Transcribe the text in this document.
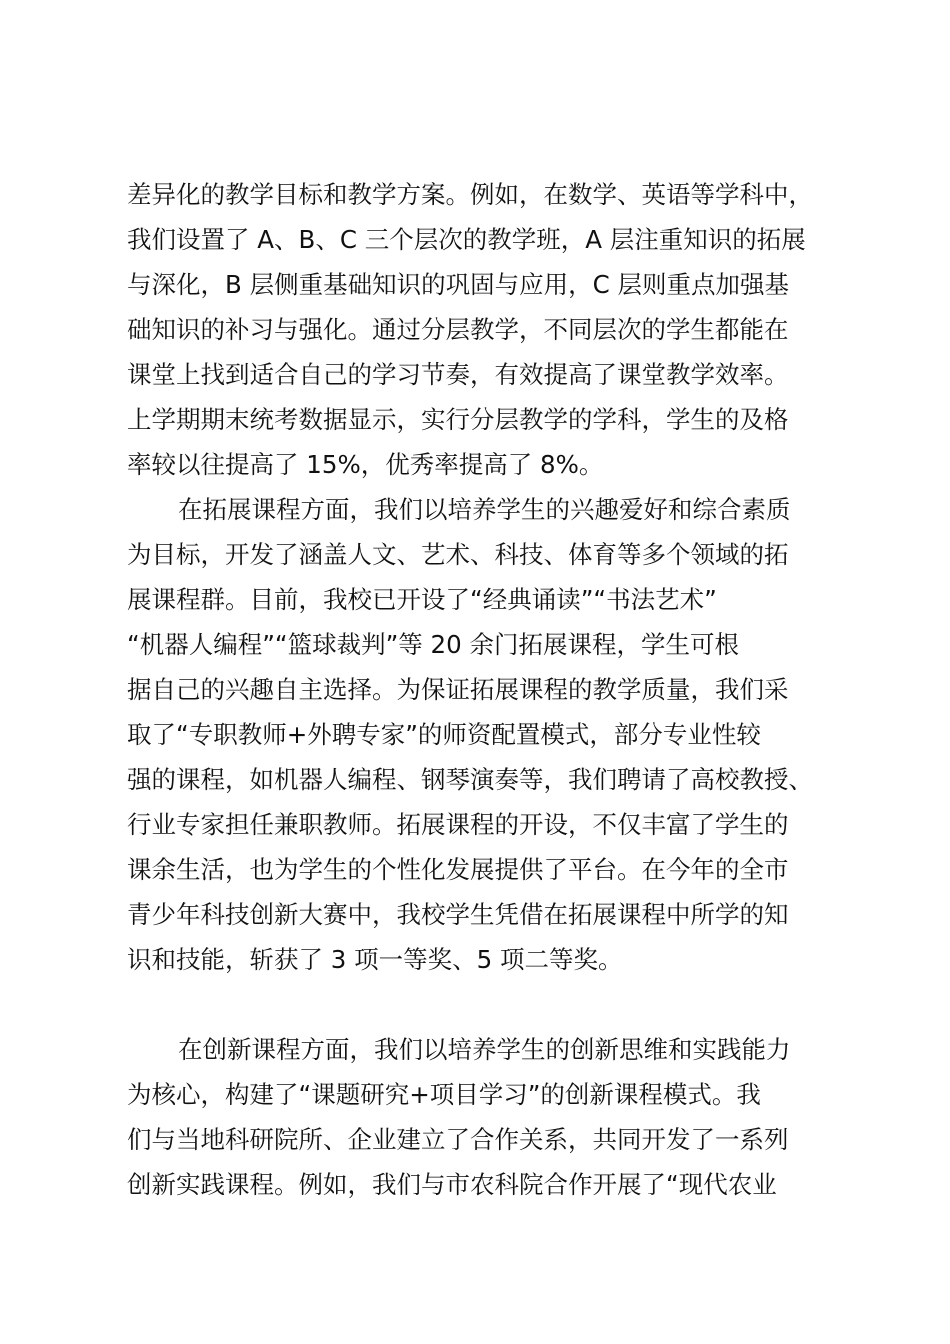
差异化的教学目标和教学方案。例如，在数学、英语等学科中，
我们设置了 A、B、C 三个层次的教学班，A 层注重知识的拓展
与深化，B 层侧重基础知识的巩固与应用，C 层则重点加强基
础知识的补习与强化。通过分层教学，不同层次的学生都能在
课堂上找到适合自己的学习节奏，有效提高了课堂教学效率。
上学期期末统考数据显示，实行分层教学的学科，学生的及格
率较以往提高了 15%，优秀率提高了 8%。
在拓展课程方面，我们以培养学生的兴趣爱好和综合素质
为目标，开发了涵盖人文、艺术、科技、体育等多个领域的拓
展课程群。目前，我校已开设了“经典诵读”“书法艺术”
“机器人编程”“篮球裁判”等 20 余门拓展课程，学生可根
据自己的兴趣自主选择。为保证拓展课程的教学质量，我们采
取了“专职教师+外聘专家”的师资配置模式，部分专业性较
强的课程，如机器人编程、钢琴演奏等，我们聘请了高校教授、
行业专家担任兼职教师。拓展课程的开设，不仅丰富了学生的
课余生活，也为学生的个性化发展提供了平台。在今年的全市
青少年科技创新大赛中，我校学生凭借在拓展课程中所学的知
识和技能，斩获了 3 项一等奖、5 项二等奖。
在创新课程方面，我们以培养学生的创新思维和实践能力
为核心，构建了“课题研究+项目学习”的创新课程模式。我
们与当地科研院所、企业建立了合作关系，共同开发了一系列
创新实践课程。例如，我们与市农科院合作开展了“现代农业
